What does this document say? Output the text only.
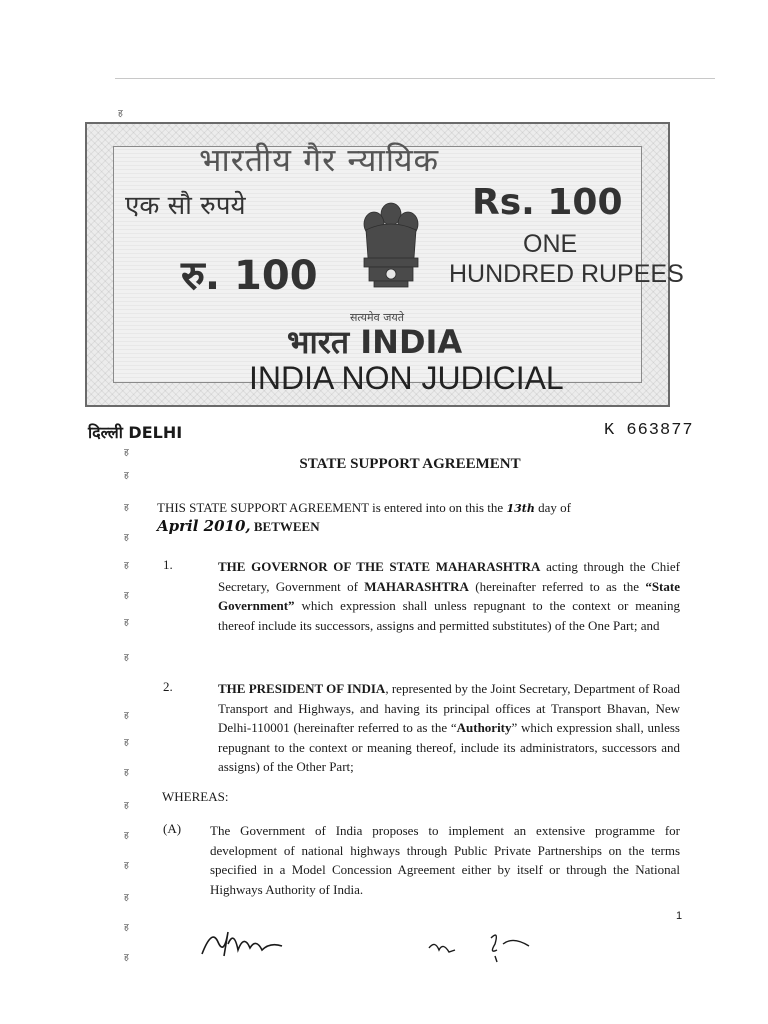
ह
ह
ह
ह
ह
ह
ह
ह
ह
ह
ह
ह
ह
ह
ह
ह
ह
ह
भारतीय गैर न्यायिक
एक सौ रुपये	Rs. 100
ONE
HUNDRED RUPEES
रु. 100
सत्यमेव जयते
भारत INDIA
INDIA NON JUDICIAL
दिल्ली DELHI	K 663877
STATE SUPPORT AGREEMENT
THIS STATE SUPPORT AGREEMENT is entered into on this the 13th day of
April 2010, BETWEEN
1.	THE GOVERNOR OF THE STATE MAHARASHTRA acting through the Chief Secretary, Government of MAHARASHTRA (hereinafter referred to as the “State Government” which expression shall unless repugnant to the context or meaning thereof include its successors, assigns and permitted substitutes) of the One Part; and
2.	THE PRESIDENT OF INDIA, represented by the Joint Secretary, Department of Road Transport and Highways, and having its principal offices at Transport Bhavan, New Delhi-110001 (hereinafter referred to as the “Authority” which expression shall, unless repugnant to the context or meaning thereof, include its administrators, successors and assigns) of the Other Part;
WHEREAS:
(A) The Government of India proposes to implement an extensive programme for development of national highways through Public Private Partnerships on the terms specified in a Model Concession Agreement either by itself or through the National Highways Authority of India.
1
